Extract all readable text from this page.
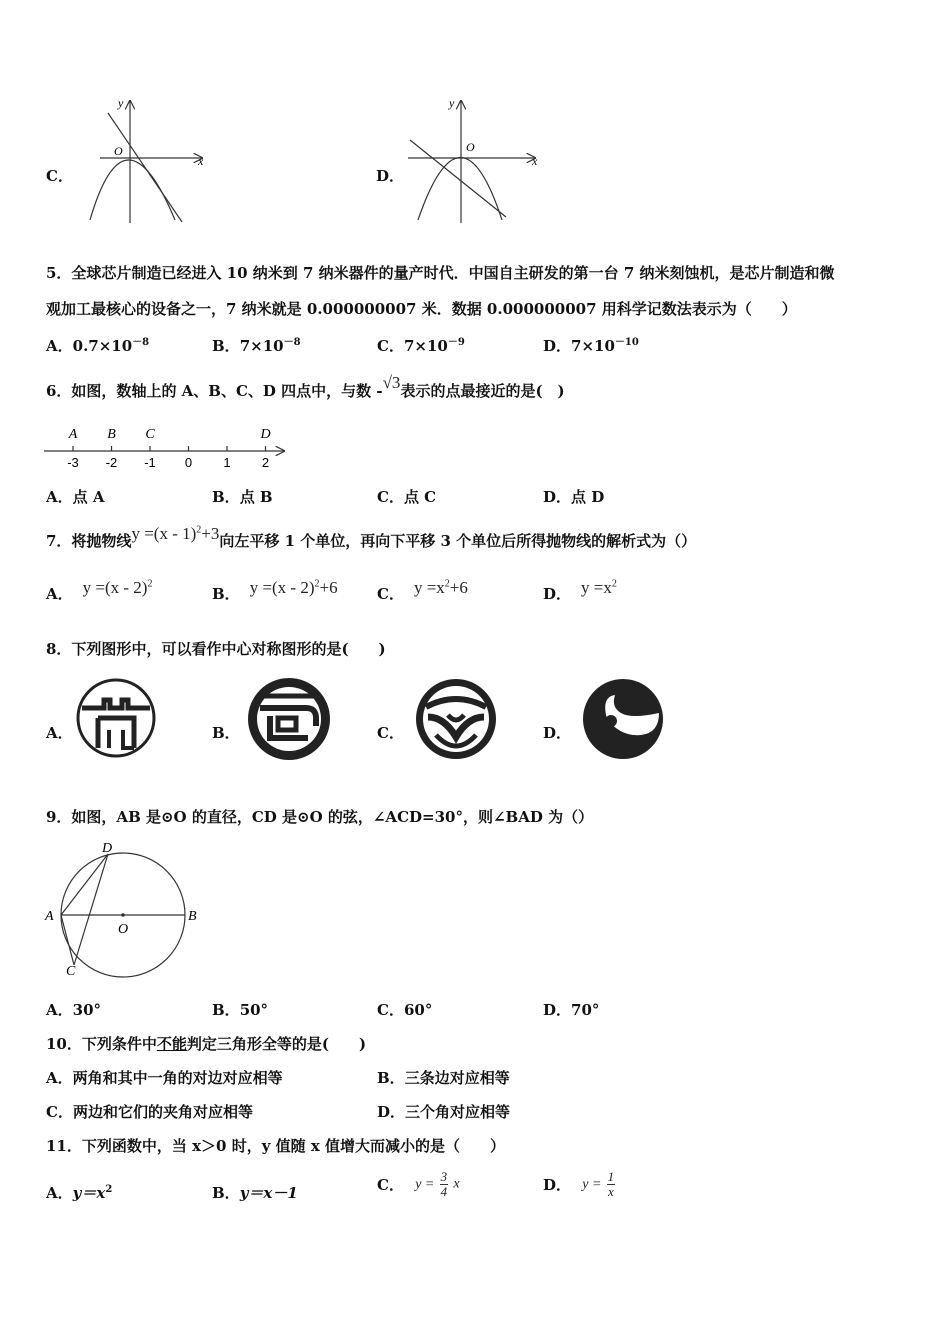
C．
x
y
O
D．
x
y
O
5．全球芯片制造已经进入 10 纳米到 7 纳米器件的量产时代．中国自主研发的第一台 7 纳米刻蚀机，是芯片制造和微
观加工最核心的设备之一，7 纳米就是 0.000000007 米．数据 0.000000007 用科学记数法表示为（　　）
A．$0.7\times 10^{-8}$	B．$7\times 10^{-8}$	C．$7\times 10^{-9}$	D．$7\times 10^{-10}$
6．如图，数轴上的 A、B、C、D 四点中，与数 -√3表示的点最接近的是(　)
-3 -2 -1 0 1 2
A B C	D
A．点 A	B．点 B	C．点 C	D．点 D
7．将抛物线y =(x - 1)$^2$+3向左平移 1 个单位，再向下平移 3 个单位后所得抛物线的解析式为（）
A． y =(x - 2)$^2$
B． y =(x - 2)$^2$+6	C． $y =x^2+6$	D． $y =x^2$
8．下列图形中，可以看作中心对称图形的是(　　)
A．	B．	C．	D．
9．如图，AB 是⊙O 的直径，CD 是⊙O 的弦，∠ACD=30°，则∠BAD 为（）
A	B
C
D
O
A．30°	B．50°	C．60°	D．70°
10．下列条件中不能判定三角形全等的是(　　)
A．两角和其中一角的对边对应相等	B．三条边对应相等
C．两边和它们的夹角对应相等	D．三个角对应相等
11．下列函数中，当 x＞0 时，y 值随 x 值增大而减小的是（　　）
A．$y=x^2$	B．y＝x－1	C． $y = \frac{3}{4}$ x	D． $y = \frac{1}{x}$
